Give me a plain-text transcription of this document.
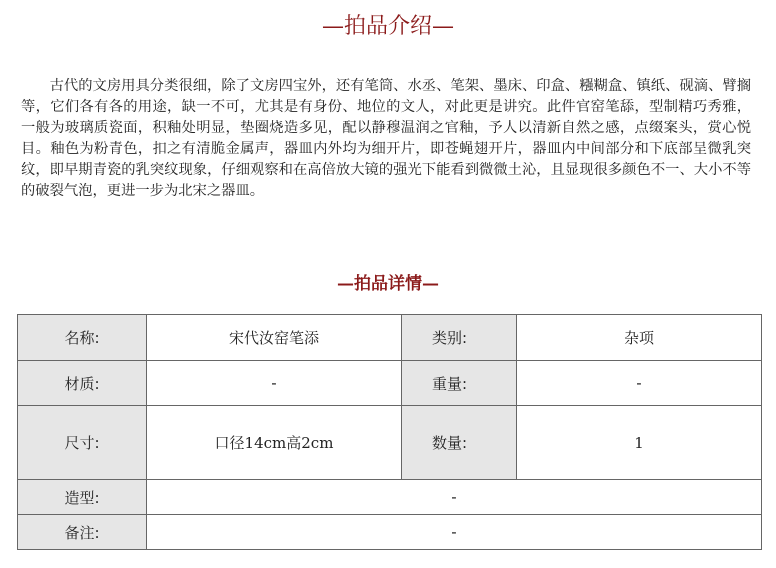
—拍品介绍—

古代的文房用具分类很细，除了文房四宝外，还有笔筒、水丞、笔架、墨床、印盒、糨糊盒、镇纸、砚滴、臂搁等，它们各有各的用途，缺一不可，尤其是有身份、地位的文人，对此更是讲究。此件官窑笔舔，型制精巧秀雅， 一般为玻璃质瓷面，积釉处明显，垫圈烧造多见，配以静穆温润之官釉，予人以清新自然之感，点缀案头，赏心悦目。釉色为粉青色，扣之有清脆金属声，器皿内外均为细开片，即苍蝇翅开片，器皿内中间部分和下底部呈微乳突纹，即早期青瓷的乳突纹现象，仔细观察和在高倍放大镜的强光下能看到微微土沁，且显现很多颜色不一、大小不等的破裂气泡，更进一步为北宋之器皿。

—拍品详情—
名称:	宋代汝窑笔添	类别:	杂项
材质:	-	重量:	-
尺寸:	口径14cm高2cm	数量:	1
造型:	-		
备注:	-		
